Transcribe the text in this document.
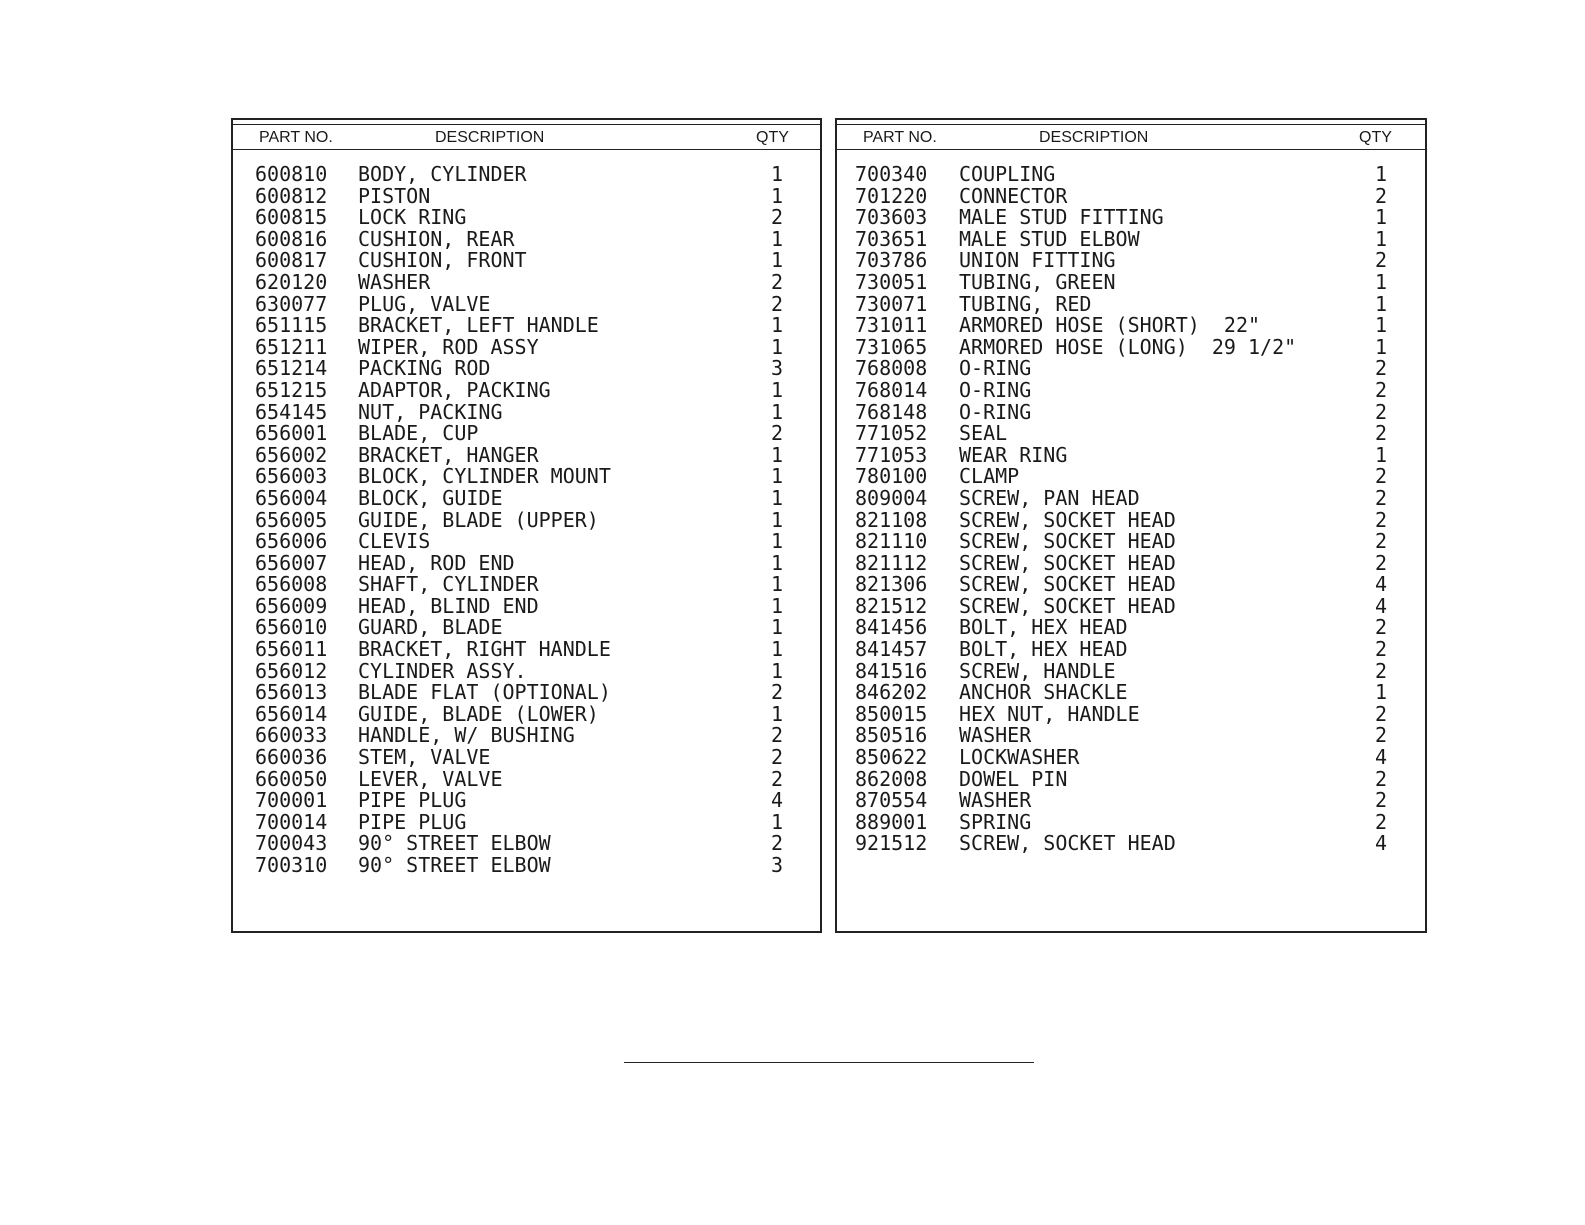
PART NO.	DESCRIPTION	QTY
600810 BODY, CYLINDER	1
600812 PISTON	1
600815 LOCK RING	2
600816 CUSHION, REAR	1
600817 CUSHION, FRONT	1
620120 WASHER	2
630077 PLUG, VALVE	2
651115 BRACKET, LEFT HANDLE	1
651211 WIPER, ROD ASSY	1
651214 PACKING ROD	3
651215 ADAPTOR, PACKING	1
654145 NUT, PACKING	1
656001 BLADE, CUP	2
656002 BRACKET, HANGER	1
656003 BLOCK, CYLINDER MOUNT	1
656004 BLOCK, GUIDE	1
656005 GUIDE, BLADE (UPPER)	1
656006 CLEVIS	1
656007 HEAD, ROD END	1
656008 SHAFT, CYLINDER	1
656009 HEAD, BLIND END	1
656010 GUARD, BLADE	1
656011 BRACKET, RIGHT HANDLE	1
656012 CYLINDER ASSY.	1
656013 BLADE FLAT (OPTIONAL)	2
656014 GUIDE, BLADE (LOWER)	1
660033 HANDLE, W/ BUSHING	2
660036 STEM, VALVE	2
660050 LEVER, VALVE	2
700001 PIPE PLUG	4
700014 PIPE PLUG	1
700043 90° STREET ELBOW	2
700310 90° STREET ELBOW	3
PART NO.	DESCRIPTION	QTY
700340 COUPLING	1
701220 CONNECTOR	2
703603 MALE STUD FITTING	1
703651 MALE STUD ELBOW	1
703786 UNION FITTING	2
730051 TUBING, GREEN	1
730071 TUBING, RED	1
731011 ARMORED HOSE (SHORT)  22"	1
731065 ARMORED HOSE (LONG)  29 1/2"	1
768008 O-RING	2
768014 O-RING	2
768148 O-RING	2
771052 SEAL	2
771053 WEAR RING	1
780100 CLAMP	2
809004 SCREW, PAN HEAD	2
821108 SCREW, SOCKET HEAD	2
821110 SCREW, SOCKET HEAD	2
821112 SCREW, SOCKET HEAD	2
821306 SCREW, SOCKET HEAD	4
821512 SCREW, SOCKET HEAD	4
841456 BOLT, HEX HEAD	2
841457 BOLT, HEX HEAD	2
841516 SCREW, HANDLE	2
846202 ANCHOR SHACKLE	1
850015 HEX NUT, HANDLE	2
850516 WASHER	2
850622 LOCKWASHER	4
862008 DOWEL PIN	2
870554 WASHER	2
889001 SPRING	2
921512 SCREW, SOCKET HEAD	4
